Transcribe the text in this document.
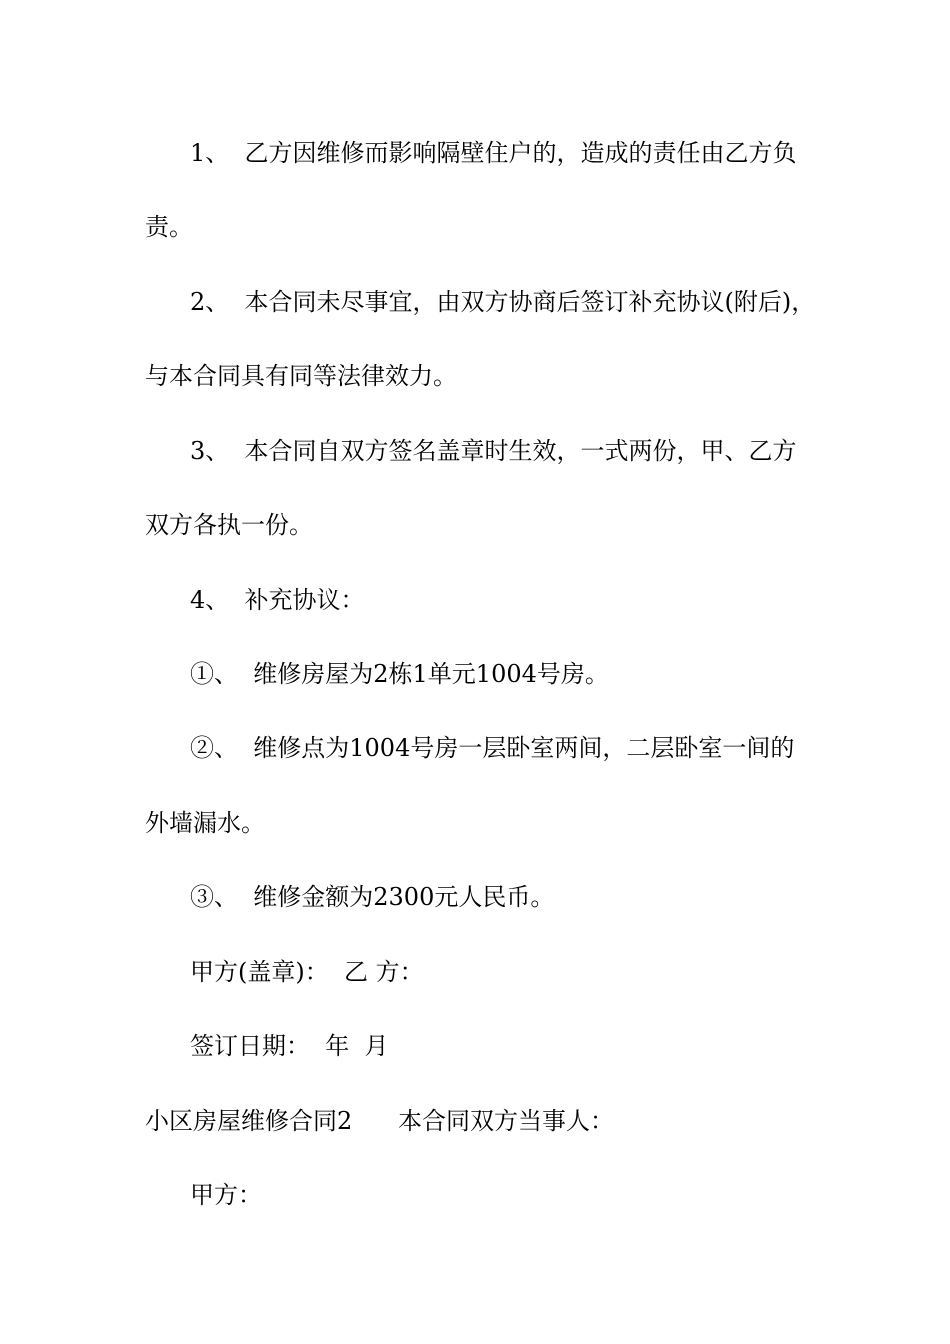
1、  乙方因维修而影响隔壁住户的，造成的责任由乙方负
责。
2、  本合同未尽事宜，由双方协商后签订补充协议(附后)，
与本合同具有同等法律效力。
3、  本合同自双方签名盖章时生效，一式两份，甲、乙方
双方各执一份。
4、  补充协议：
①、  维修房屋为2栋1单元1004号房。
②、  维修点为1004号房一层卧室两间，二层卧室一间的
外墙漏水。
③、  维修金额为2300元人民币。
甲方(盖章)：  乙 方：
签订日期：  年  月
小区房屋维修合同2      本合同双方当事人：
甲方：
